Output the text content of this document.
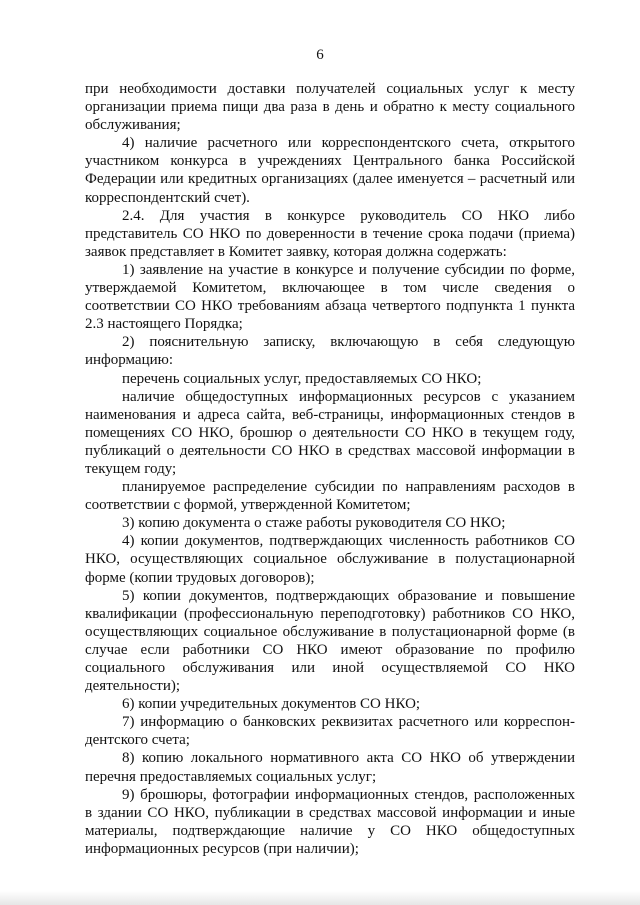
6

при необходимости доставки получателей социальных услуг к месту организации приема пищи два раза в день и обратно к месту социального обслуживания;

4) наличие расчетного или корреспондентского счета, открытого участником конкурса в учреждениях Центрального банка Российской Федерации или кредитных организациях (далее именуется – расчетный или корреспондентский счет).

2.4. Для участия в конкурсе руководитель СО НКО либо представитель СО НКО по доверенности в течение срока подачи (приема) заявок представляет в Комитет заявку, которая должна содержать:

1) заявление на участие в конкурсе и получение субсидии по форме, утверждаемой Комитетом, включающее в том числе сведения о соответствии СО НКО требованиям абзаца четвертого подпункта 1 пункта 2.3 настоящего Порядка;

2) пояснительную записку, включающую в себя следующую информацию:

перечень социальных услуг, предоставляемых СО НКО;

наличие общедоступных информационных ресурсов с указанием наименования и адреса сайта, веб-страницы, информационных стендов в помещениях СО НКО, брошюр о деятельности СО НКО в текущем году, публикаций о деятельности СО НКО в средствах массовой информации в текущем году;

планируемое распределение субсидии по направлениям расходов в соответствии с формой, утвержденной Комитетом;

3) копию документа о стаже работы руководителя СО НКО;

4) копии документов, подтверждающих численность работников СО НКО, осуществляющих социальное обслуживание в полустационарной форме (копии трудовых договоров);

5) копии документов, подтверждающих образование и повышение квалификации (профессиональную переподготовку) работников СО НКО, осуществляющих социальное обслуживание в полустационарной форме (в случае если работники СО НКО имеют образование по профилю социального обслуживания или иной осуществляемой СО НКО деятельности);

6) копии учредительных документов СО НКО;

7) информацию о банковских реквизитах расчетного или корреспон-дентского счета;

8) копию локального нормативного акта СО НКО об утверждении перечня предоставляемых социальных услуг;

9) брошюры, фотографии информационных стендов, расположенных в здании СО НКО, публикации в средствах массовой информации и иные материалы, подтверждающие наличие у СО НКО общедоступных информационных ресурсов (при наличии);
